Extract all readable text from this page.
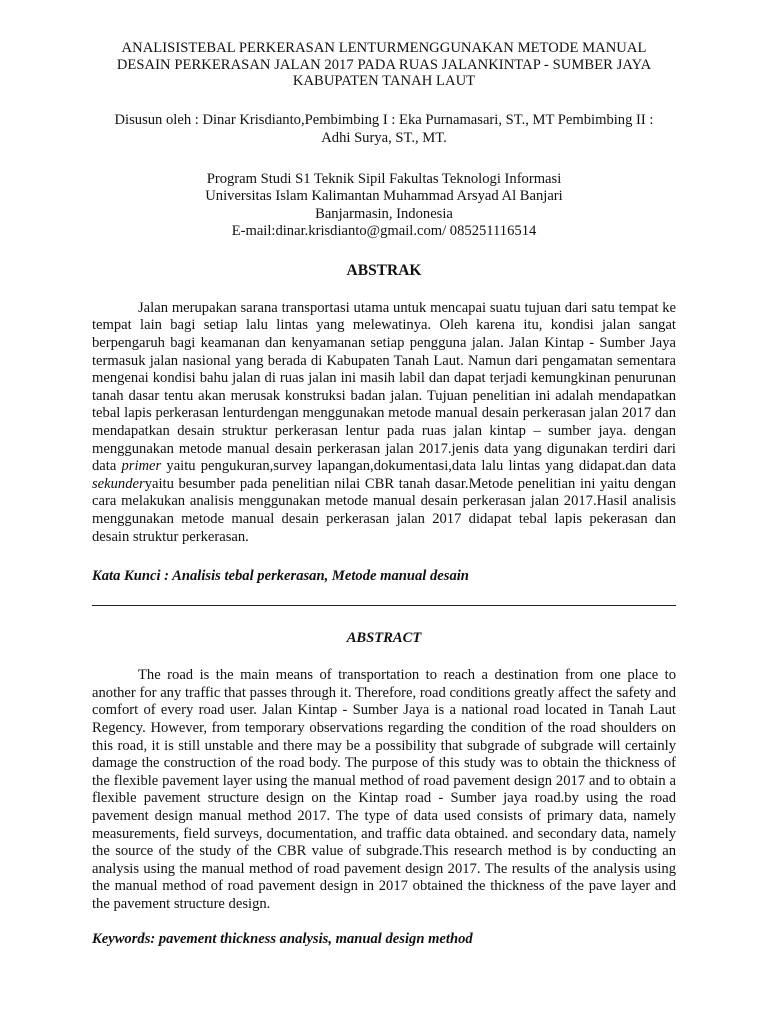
ANALISISTEBAL PERKERASAN LENTURMENGGUNAKAN METODE MANUAL
DESAIN PERKERASAN JALAN 2017 PADA RUAS JALANKINTAP - SUMBER JAYA
KABUPATEN TANAH LAUT
Disusun oleh : Dinar Krisdianto,Pembimbing I : Eka Purnamasari, ST., MT Pembimbing II :
Adhi Surya, ST., MT.
Program Studi S1 Teknik Sipil Fakultas Teknologi Informasi
Universitas Islam Kalimantan Muhammad Arsyad Al Banjari
Banjarmasin, Indonesia
E-mail:dinar.krisdianto@gmail.com/ 085251116514
ABSTRAK

Jalan merupakan sarana transportasi utama untuk mencapai suatu tujuan dari satu tempat ke tempat lain bagi setiap lalu lintas yang melewatinya. Oleh karena itu, kondisi jalan sangat berpengaruh bagi keamanan dan kenyamanan setiap pengguna jalan. Jalan Kintap - Sumber Jaya termasuk jalan nasional yang berada di Kabupaten Tanah Laut. Namun dari pengamatan sementara mengenai kondisi bahu jalan di ruas jalan ini masih labil dan dapat terjadi kemungkinan penurunan tanah dasar tentu akan merusak konstruksi badan jalan. Tujuan penelitian ini adalah mendapatkan tebal lapis perkerasan lenturdengan menggunakan metode manual desain perkerasan jalan 2017 dan mendapatkan desain struktur perkerasan lentur pada ruas jalan kintap – sumber jaya. dengan menggunakan metode manual desain perkerasan jalan 2017.jenis data yang digunakan terdiri dari data primer yaitu pengukuran,survey lapangan,dokumentasi,data lalu lintas yang didapat.dan data sekunderyaitu besumber pada penelitian nilai CBR tanah dasar.Metode penelitian ini yaitu dengan cara melakukan analisis menggunakan metode manual desain perkerasan jalan 2017.Hasil analisis menggunakan metode manual desain perkerasan jalan 2017 didapat tebal lapis pekerasan dan desain struktur perkerasan.

Kata Kunci : Analisis tebal perkerasan, Metode manual desain
ABSTRACT

The road is the main means of transportation to reach a destination from one place to another for any traffic that passes through it. Therefore, road conditions greatly affect the safety and comfort of every road user. Jalan Kintap - Sumber Jaya is a national road located in Tanah Laut Regency. However, from temporary observations regarding the condition of the road shoulders on this road, it is still unstable and there may be a possibility that subgrade of subgrade will certainly damage the construction of the road body. The purpose of this study was to obtain the thickness of the flexible pavement layer using the manual method of road pavement design 2017 and to obtain a flexible pavement structure design on the Kintap road - Sumber jaya road.by using the road pavement design manual method 2017. The type of data used consists of primary data, namely measurements, field surveys, documentation, and traffic data obtained. and secondary data, namely the source of the study of the CBR value of subgrade.This research method is by conducting an analysis using the manual method of road pavement design 2017. The results of the analysis using the manual method of road pavement design in 2017 obtained the thickness of the pave layer and the pavement structure design.

Keywords: pavement thickness analysis, manual design method
